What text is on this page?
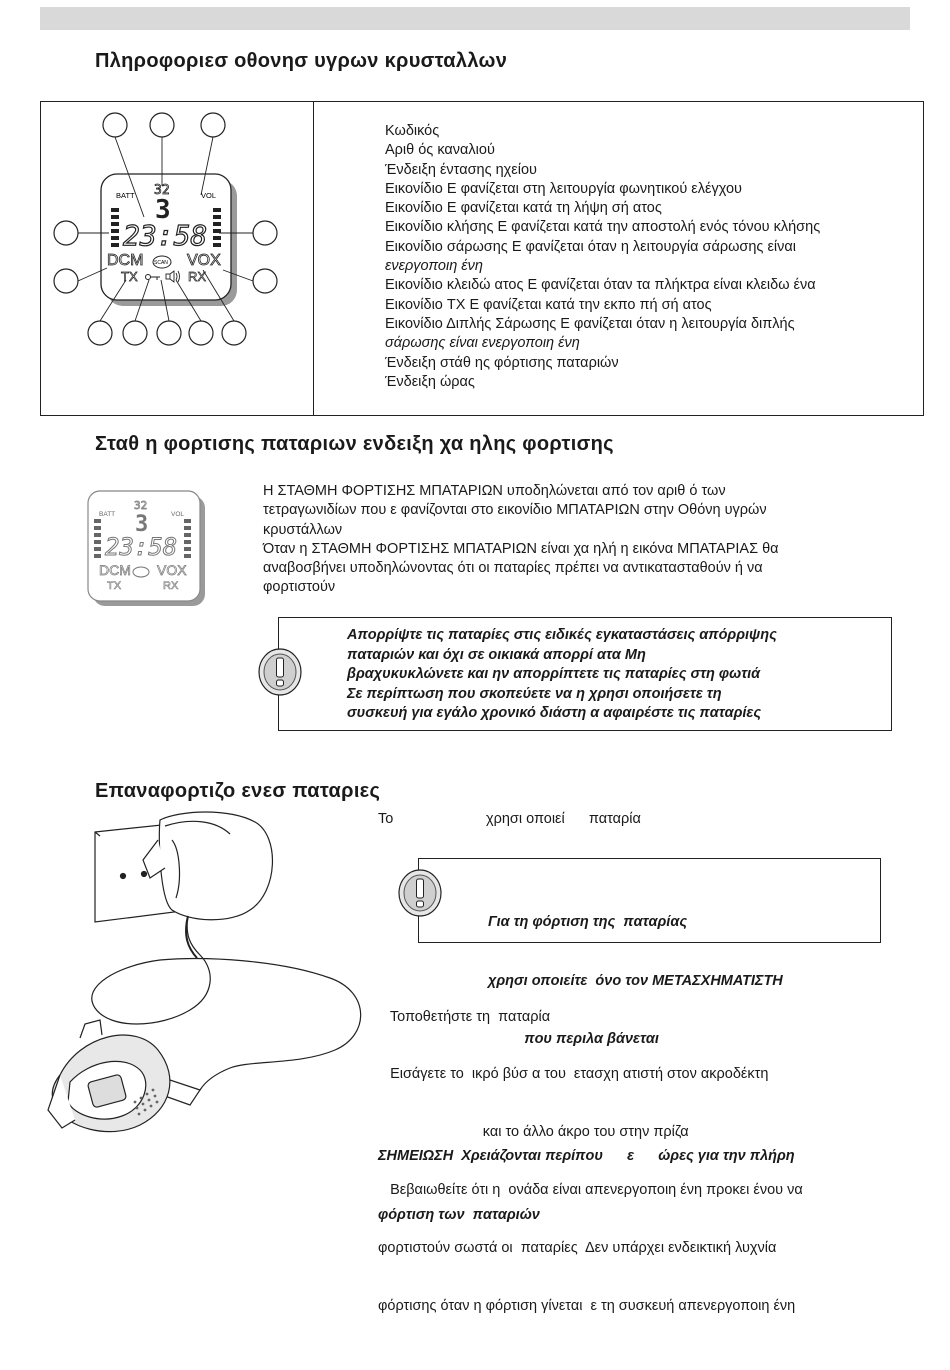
Πληροφοριεσ οθονησ υγρων κρυσταλλων
BATT	VOL
32
3
23:58
DCM	VOX
TX	RX
SCAN
Κωδικός
Αριθ ός καναλιού
Ένδειξη έντασης ηχείου
Εικονίδιο Ε φανίζεται στη λειτουργία φωνητικού ελέγχου
Εικονίδιο Ε φανίζεται κατά τη λήψη σή ατος
Εικονίδιο κλήσης Ε φανίζεται κατά την αποστολή ενός τόνου κλήσης
Εικονίδιο σάρωσης Ε φανίζεται όταν η λειτουργία σάρωσης είναι
ενεργοποιη ένη
Εικονίδιο κλειδώ ατος Ε φανίζεται όταν τα πλήκτρα είναι κλειδω ένα
Εικονίδιο TX Ε φανίζεται κατά την εκπο πή σή ατος
Εικονίδιο Διπλής Σάρωσης Ε φανίζεται όταν η λειτουργία διπλής
σάρωσης είναι ενεργοποιη ένη
Ένδειξη στάθ ης φόρτισης παταριών
Ένδειξη ώρας
Σταθ η φορτισης παταριων ενδειξη χα ηλης φορτισης
BATT	VOL
32
3
23:58
DCM VOX
TX	RX
Η ΣΤΑΘΜΗ ΦΟΡΤΙΣΗΣ ΜΠΑΤΑΡΙΩΝ υποδηλώνεται από τον αριθ ό των
τετραγωνιδίων που ε φανίζονται στο εικονίδιο ΜΠΑΤΑΡΙΩΝ στην Οθόνη υγρών
κρυστάλλων
Όταν η ΣΤΑΘΜΗ ΦΟΡΤΙΣΗΣ ΜΠΑΤΑΡΙΩΝ είναι χα ηλή η εικόνα ΜΠΑΤΑΡΙΑΣ θα
αναβοσβήνει υποδηλώνοντας ότι οι παταρίες πρέπει να αντικατασταθούν ή να
φορτιστούν
Απορρίψτε τις παταρίες στις ειδικές εγκαταστάσεις απόρριψης
παταριών και όχι σε οικιακά απορρί ατα Μη
βραχυκυκλώνετε και ην απορρίπτετε τις παταρίες στη φωτιά
Σε περίπτωση που σκοπεύετε να η χρησι οποιήσετε τη
συσκευή για εγάλο χρονικό διάστη α αφαιρέστε τις παταρίες
Επαναφορτιζο ενεσ παταριες
Το                       χρησι οποιεί      παταρία

Για τη φόρτιση της  παταρίας

χρησι οποιείτε  όνο τον ΜΕΤΑΣΧΗΜΑΤΙΣΤΗ

που περιλα βάνεται

Τοποθετήστε τη  παταρία

Εισάγετε το  ικρό βύσ α του  ετασχη ατιστή στον ακροδέκτη

και το άλλο άκρο του στην πρίζα

Βεβαιωθείτε ότι η  ονάδα είναι απενεργοποιη ένη προκει ένου να

φορτιστούν σωστά οι  παταρίες  Δεν υπάρχει ενδεικτική λυχνία

φόρτισης όταν η φόρτιση γίνεται  ε τη συσκευή απενεργοποιη ένη

ΣΗΜΕΙΩΣΗ  Χρειάζονται περίπου      ε      ώρες για την πλήρη

φόρτιση των  παταριών
